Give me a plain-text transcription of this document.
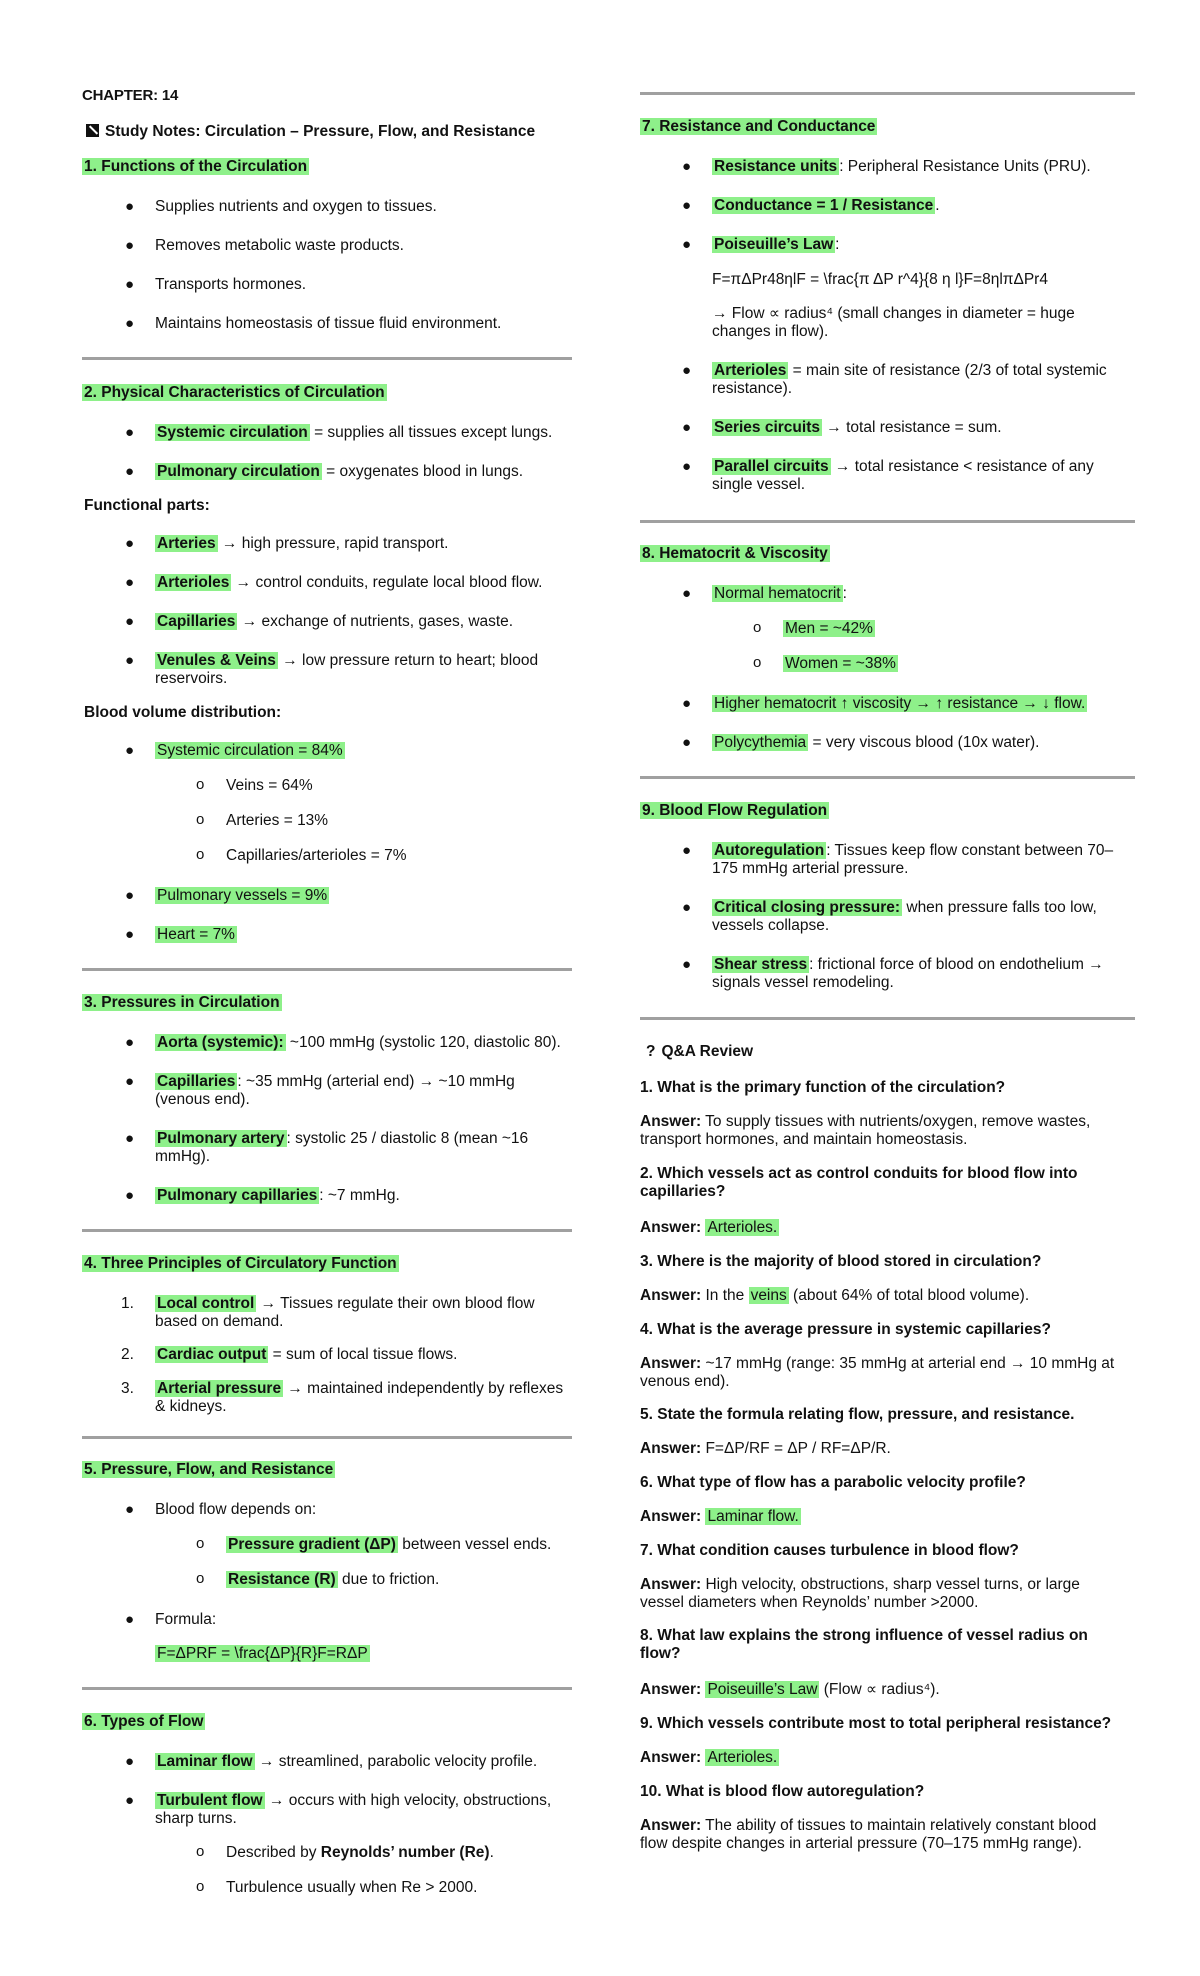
CHAPTER: 14
Study Notes: Circulation – Pressure, Flow, and Resistance
1. Functions of the Circulation
● Supplies nutrients and oxygen to tissues.
● Removes metabolic waste products.
● Transports hormones.
● Maintains homeostasis of tissue fluid environment.
2. Physical Characteristics of Circulation
● Systemic circulation = supplies all tissues except lungs.
● Pulmonary circulation = oxygenates blood in lungs.
Functional parts:
● Arteries → high pressure, rapid transport.
● Arterioles → control conduits, regulate local blood flow.
● Capillaries → exchange of nutrients, gases, waste.
● Venules & Veins → low pressure return to heart; blood reservoirs.
Blood volume distribution:
● Systemic circulation = 84%
o Veins = 64%
o Arteries = 13%
o Capillaries/arterioles = 7%
● Pulmonary vessels = 9%
● Heart = 7%
3. Pressures in Circulation
● Aorta (systemic): ~100 mmHg (systolic 120, diastolic 80).
● Capillaries : ~35 mmHg (arterial end) → ~10 mmHg (venous end).
● Pulmonary artery : systolic 25 / diastolic 8 (mean ~16 mmHg).
● Pulmonary capillaries : ~7 mmHg.
4. Three Principles of Circulatory Function
1. Local control → Tissues regulate their own blood flow based on demand.
2. Cardiac output = sum of local tissue flows.
3. Arterial pressure → maintained independently by reflexes & kidneys.
5. Pressure, Flow, and Resistance
● Blood flow depends on:
o Pressure gradient (ΔP) between vessel ends.
o Resistance (R) due to friction.
● Formula:
F=ΔPRF = \frac{ΔP}{R}F=RΔP
6. Types of Flow
● Laminar flow → streamlined, parabolic velocity profile.
● Turbulent flow → occurs with high velocity, obstructions, sharp turns.
o Described by Reynolds’ number (Re).
o Turbulence usually when Re > 2000.
7. Resistance and Conductance
● Resistance units : Peripheral Resistance Units (PRU).
● Conductance = 1 / Resistance .
● Poiseuille’s Law :
F=πΔPr48ηlF = \frac{π ΔP r^4}{8 η l}F=8ηlπΔPr4
→ Flow ∝ radius⁴ (small changes in diameter = huge changes in flow).
● Arterioles = main site of resistance (2/3 of total systemic resistance).
● Series circuits → total resistance = sum.
● Parallel circuits → total resistance < resistance of any single vessel.
8. Hematocrit & Viscosity
● Normal hematocrit :
o Men = ~42%
o Women = ~38%
● Higher hematocrit ↑ viscosity → ↑ resistance → ↓ flow.
● Polycythemia = very viscous blood (10x water).
9. Blood Flow Regulation
● Autoregulation : Tissues keep flow constant between 70–175 mmHg arterial pressure.
● Critical closing pressure: when pressure falls too low, vessels collapse.
● Shear stress : frictional force of blood on endothelium → signals vessel remodeling.
? Q&A Review
1. What is the primary function of the circulation?
Answer: To supply tissues with nutrients/oxygen, remove wastes, transport hormones, and maintain homeostasis.
2. Which vessels act as control conduits for blood flow into capillaries?
Answer: Arterioles.
3. Where is the majority of blood stored in circulation?
Answer: In the veins (about 64% of total blood volume).
4. What is the average pressure in systemic capillaries?
Answer: ~17 mmHg (range: 35 mmHg at arterial end → 10 mmHg at venous end).
5. State the formula relating flow, pressure, and resistance.
Answer: F=ΔP/RF = ΔP / RF=ΔP/R.
6. What type of flow has a parabolic velocity profile?
Answer: Laminar flow.
7. What condition causes turbulence in blood flow?
Answer: High velocity, obstructions, sharp vessel turns, or large vessel diameters when Reynolds’ number >2000.
8. What law explains the strong influence of vessel radius on flow?
Answer: Poiseuille’s Law (Flow ∝ radius⁴).
9. Which vessels contribute most to total peripheral resistance?
Answer: Arterioles.
10. What is blood flow autoregulation?
Answer: The ability of tissues to maintain relatively constant blood flow despite changes in arterial pressure (70–175 mmHg range).
